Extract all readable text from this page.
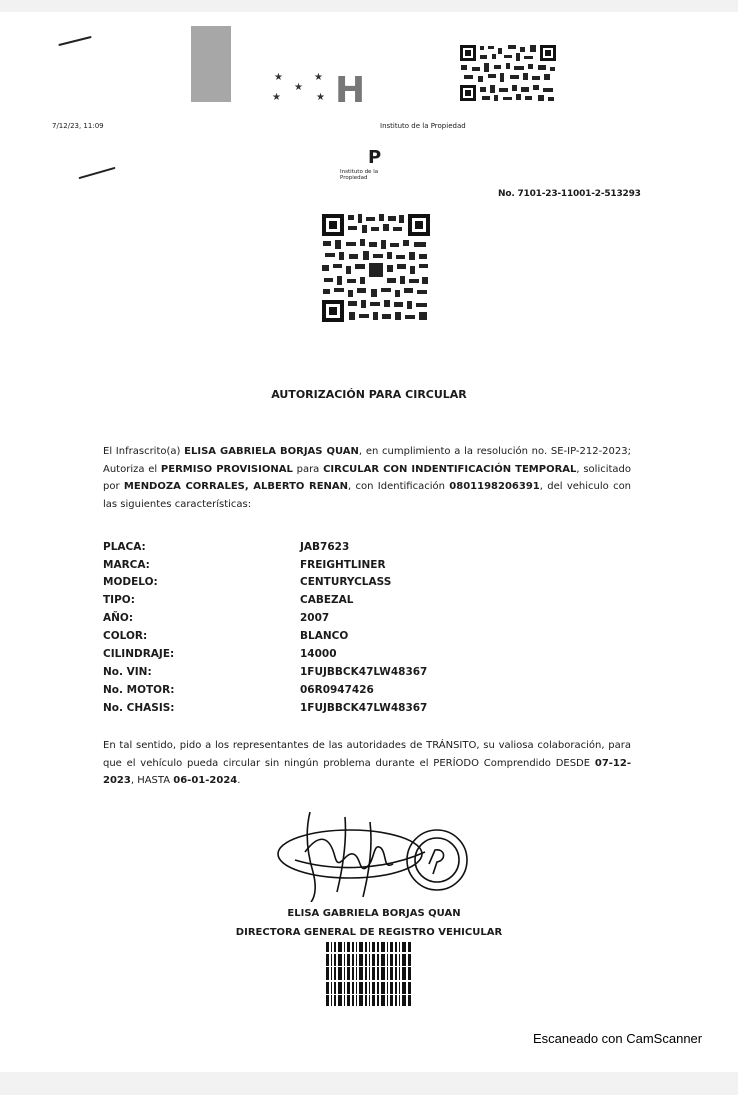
★	★
★
★	★ H
7/12/23, 11:09	Instituto de la Propiedad
P
Instituto de la Propiedad
No. 7101-23-11001-2-513293
AUTORIZACIÓN PARA CIRCULAR
El Infrascrito(a) ELISA GABRIELA BORJAS QUAN, en cumplimiento a la resolución no. SE-IP-212-2023; Autoriza el PERMISO PROVISIONAL para CIRCULAR CON INDENTIFICACIÓN TEMPORAL, solicitado por MENDOZA CORRALES, ALBERTO RENAN, con Identificación 0801198206391, del vehiculo con las siguientes características:
PLACA:	JAB7623
MARCA:	FREIGHTLINER
MODELO:	CENTURYCLASS
TIPO:	CABEZAL
AÑO:	2007
COLOR:	BLANCO
CILINDRAJE:	14000
No. VIN:	1FUJBBCK47LW48367
No. MOTOR:	06R0947426
No. CHASIS:	1FUJBBCK47LW48367
En tal sentido, pido a los representantes de las autoridades de TRÁNSITO, su valiosa colaboración, para que el vehículo pueda circular sin ningún problema durante el PERÍODO Comprendido DESDE 07-12-2023, HASTA 06-01-2024.
ELISA GABRIELA BORJAS QUAN
DIRECTORA GENERAL DE REGISTRO VEHICULAR
Escaneado con CamScanner
